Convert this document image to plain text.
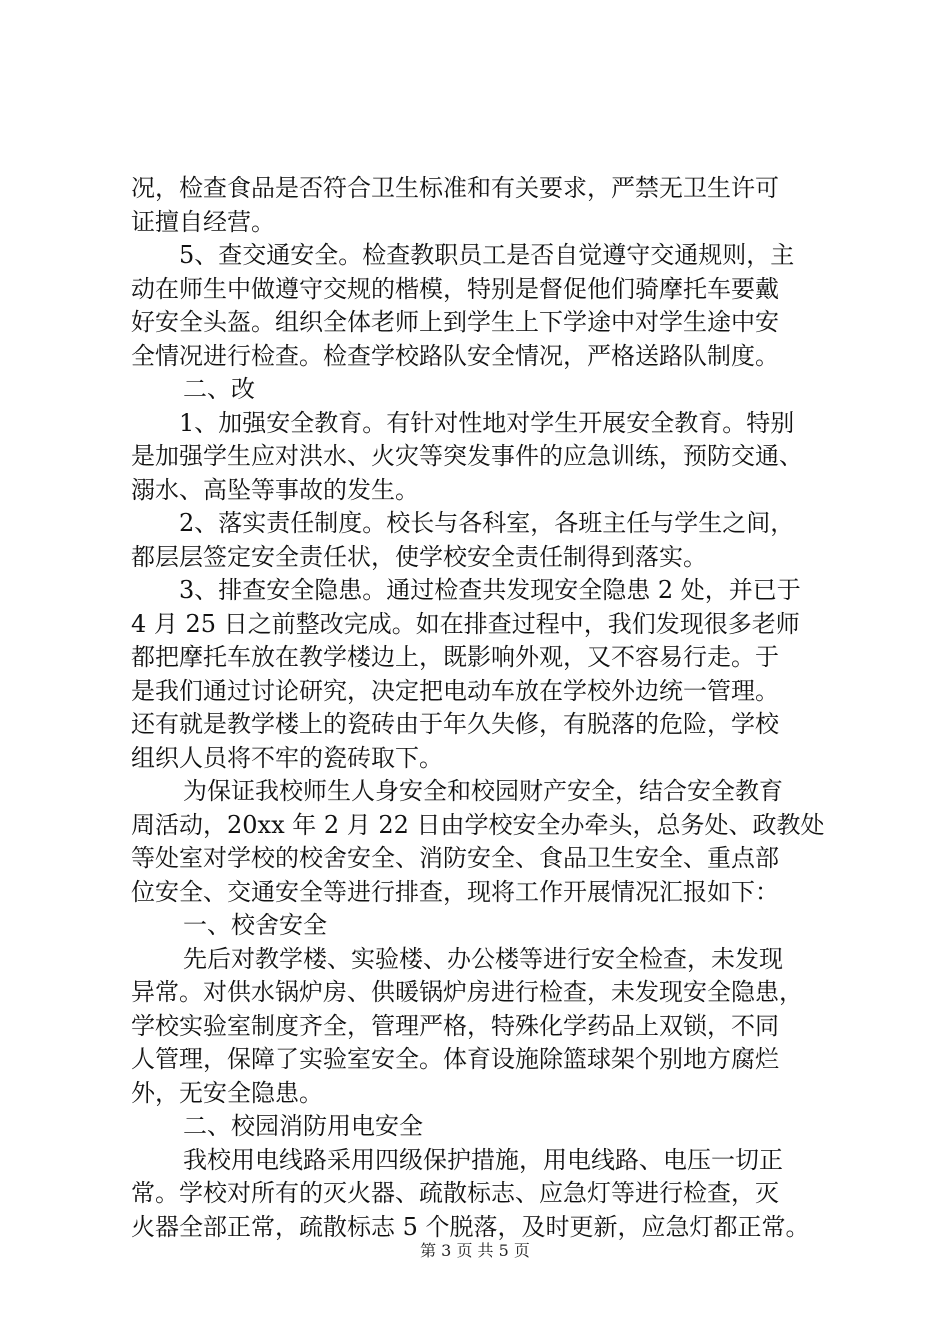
况，检查食品是否符合卫生标准和有关要求，严禁无卫生许可
证擅自经营。
5、查交通安全。检查教职员工是否自觉遵守交通规则，主
动在师生中做遵守交规的楷模，特别是督促他们骑摩托车要戴
好安全头盔。组织全体老师上到学生上下学途中对学生途中安
全情况进行检查。检查学校路队安全情况，严格送路队制度。
二、改
1、加强安全教育。有针对性地对学生开展安全教育。特别
是加强学生应对洪水、火灾等突发事件的应急训练，预防交通、
溺水、高坠等事故的发生。
2、落实责任制度。校长与各科室，各班主任与学生之间，
都层层签定安全责任状，使学校安全责任制得到落实。
3、排查安全隐患。通过检查共发现安全隐患 2 处，并已于
4 月 25 日之前整改完成。如在排查过程中，我们发现很多老师
都把摩托车放在教学楼边上，既影响外观，又不容易行走。于
是我们通过讨论研究，决定把电动车放在学校外边统一管理。
还有就是教学楼上的瓷砖由于年久失修，有脱落的危险，学校
组织人员将不牢的瓷砖取下。
为保证我校师生人身安全和校园财产安全，结合安全教育
周活动，20xx 年 2 月 22 日由学校安全办牵头，总务处、政教处
等处室对学校的校舍安全、消防安全、食品卫生安全、重点部
位安全、交通安全等进行排查，现将工作开展情况汇报如下：
一、校舍安全
先后对教学楼、实验楼、办公楼等进行安全检查，未发现
异常。对供水锅炉房、供暖锅炉房进行检查，未发现安全隐患，
学校实验室制度齐全，管理严格，特殊化学药品上双锁，不同
人管理，保障了实验室安全。体育设施除篮球架个别地方腐烂
外，无安全隐患。
二、校园消防用电安全
我校用电线路采用四级保护措施，用电线路、电压一切正
常。学校对所有的灭火器、疏散标志、应急灯等进行检查，灭
火器全部正常，疏散标志 5 个脱落，及时更新，应急灯都正常。
第 3 页 共 5 页
